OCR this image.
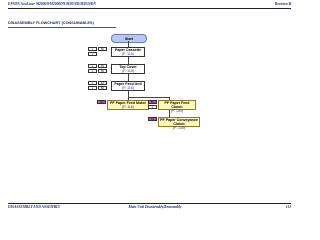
EPSON AcuLaser M2000D/M2000DN/M2010D/M2010DN	Revision B
DISASSEMBLY FLOWCHART (CONSUMABLES)
Start
Paper Cassette
(P. 115)
1	B1
1
Top Cover
(P. 115)
1	B1
1	B2
Paper Feed Unit
(P. 116)
1	B1
1	B2
PF Paper Feed Motor
(P. 116)
S1	PF Paper Feed Clutch
(P. 155)
S1
1
PF Paper Conveyance Clutch
(P. 155)
S1
DISASSEMBLY AND ASSEMBLY	Main Unit Disassembly/Reassembly	112
